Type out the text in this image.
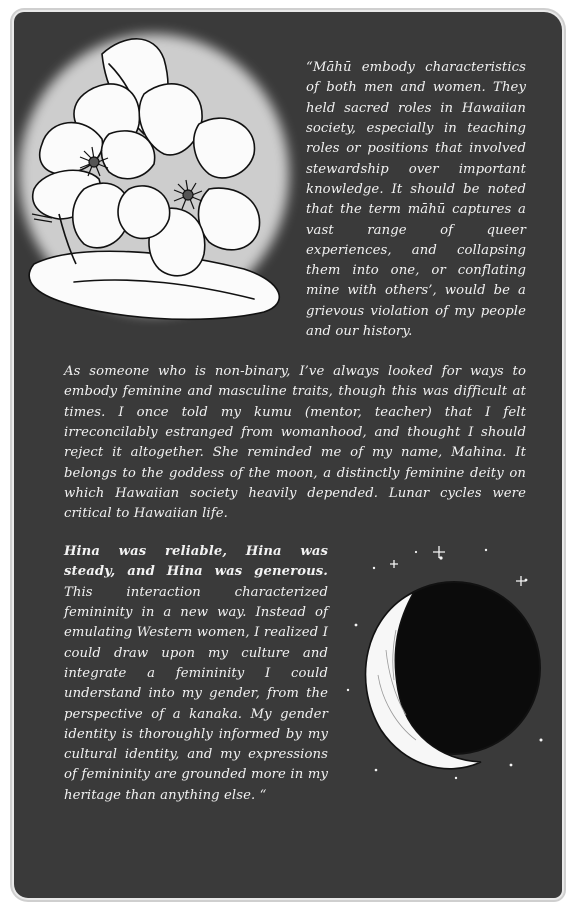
“Māhū embody characteristics of both men and women. They held sacred roles in Hawaiian society, especially in teaching roles or positions that involved stewardship over important knowledge. It should be noted that the term māhū captures a vast range of queer experiences, and collapsing them into one, or conflating mine with others’, would be a grievous violation of my people and our history.

As someone who is non-binary, I’ve always looked for ways to embody feminine and masculine traits, though this was difficult at times. I once told my kumu (mentor, teacher) that I felt irreconcilably estranged from womanhood, and thought I should reject it altogether. She reminded me of my name, Mahina. It belongs to the goddess of the moon, a distinctly feminine deity on which Hawaiian society heavily depended. Lunar cycles were critical to Hawaiian life.

Hina was reliable, Hina was steady, and Hina was generous. This interaction characterized femininity in a new way. Instead of emulating Western women, I realized I could draw upon my culture and integrate a femininity I could understand into my gender, from the perspective of a kanaka. My gender identity is thoroughly informed by my cultural identity, and my expressions of femininity are grounded more in my heritage than anything else. “
